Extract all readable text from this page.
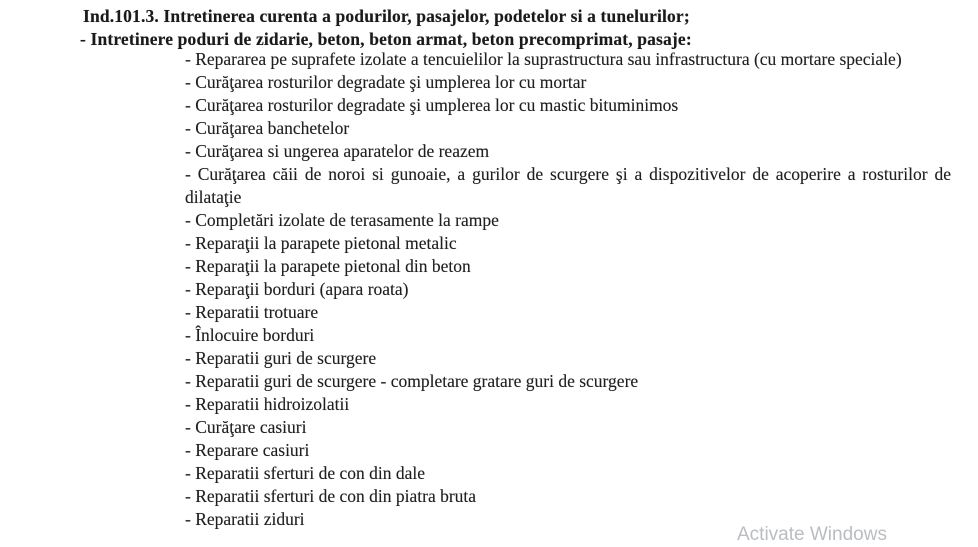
Ind.101.3. Intretinerea curenta a podurilor, pasajelor, podetelor si a tunelurilor;
- Intretinere poduri de zidarie, beton, beton armat, beton precomprimat, pasaje:
- Repararea pe suprafete izolate a tencuielilor la suprastructura sau infrastructura (cu mortare speciale)
- Curăţarea rosturilor degradate şi umplerea lor cu mortar
- Curăţarea rosturilor degradate şi umplerea lor cu mastic bituminimos
- Curăţarea banchetelor
- Curăţarea si ungerea aparatelor de reazem
- Curăţarea căii de noroi si gunoaie, a gurilor de scurgere şi a dispozitivelor de acoperire a rosturilor de dilataţie
- Completări izolate de terasamente la rampe
- Reparaţii la parapete pietonal metalic
- Reparaţii la parapete pietonal din beton
- Reparaţii borduri (apara roata)
- Reparatii trotuare
- Înlocuire borduri
- Reparatii guri de scurgere
- Reparatii guri de scurgere - completare gratare guri de scurgere
- Reparatii hidroizolatii
- Curăţare casiuri
- Reparare casiuri
- Reparatii sferturi de con din dale
- Reparatii sferturi de con din piatra bruta
- Reparatii ziduri
Activate Windows
